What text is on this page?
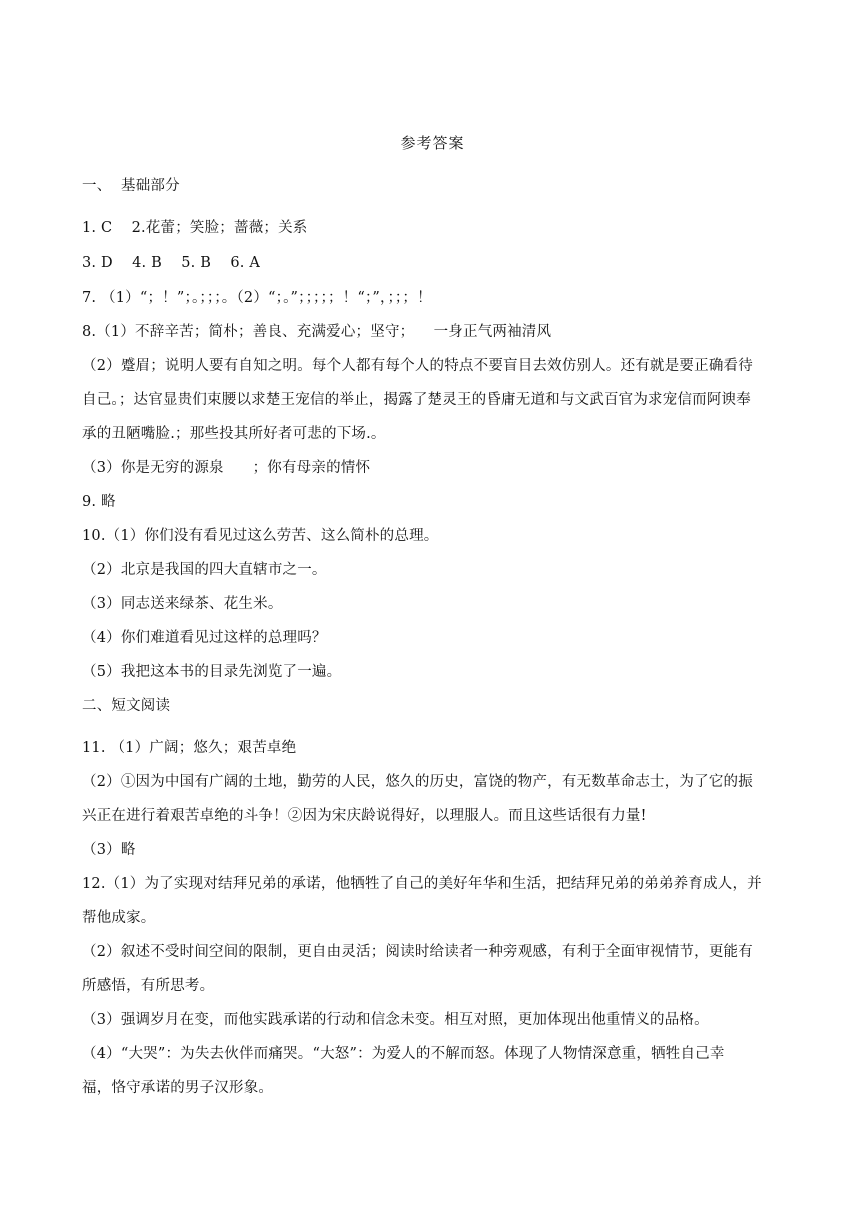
参考答案
一、  基础部分
1. C    2.花蕾；笑脸；蔷薇；关系
3. D    4. B    5. B    6. A
7. （1）“；！”；。；；；。（2）“；。”；；；；；！“；”，；；；！
8.（1）不辞辛苦；简朴；善良、充满爱心；坚守；    一身正气两袖清风
（2）蹙眉；说明人要有自知之明。每个人都有每个人的特点不要盲目去效仿别人。还有就是要正确看待
自己。；达官显贵们束腰以求楚王宠信的举止，揭露了楚灵王的昏庸无道和与文武百官为求宠信而阿谀奉
承的丑陋嘴脸.；那些投其所好者可悲的下场.。
（3）你是无穷的源泉      ；你有母亲的情怀
9. 略
10.（1）你们没有看见过这么劳苦、这么简朴的总理。
（2）北京是我国的四大直辖市之一。
（3）同志送来绿茶、花生米。
（4）你们难道看见过这样的总理吗？
（5）我把这本书的目录先浏览了一遍。
二、短文阅读
11. （1）广阔；悠久；艰苦卓绝
（2）①因为中国有广阔的土地，勤劳的人民，悠久的历史，富饶的物产，有无数革命志士，为了它的振
兴正在进行着艰苦卓绝的斗争！②因为宋庆龄说得好，以理服人。而且这些话很有力量!
（3）略
12.（1）为了实现对结拜兄弟的承诺，他牺牲了自己的美好年华和生活，把结拜兄弟的弟弟养育成人，并
帮他成家。
（2）叙述不受时间空间的限制，更自由灵活；阅读时给读者一种旁观感，有利于全面审视情节，更能有
所感悟，有所思考。
（3）强调岁月在变，而他实践承诺的行动和信念未变。相互对照，更加体现出他重情义的品格。
（4）“大哭”：为失去伙伴而痛哭。“大怒”：为爱人的不解而怒。体现了人物情深意重，牺牲自己幸
福，恪守承诺的男子汉形象。
